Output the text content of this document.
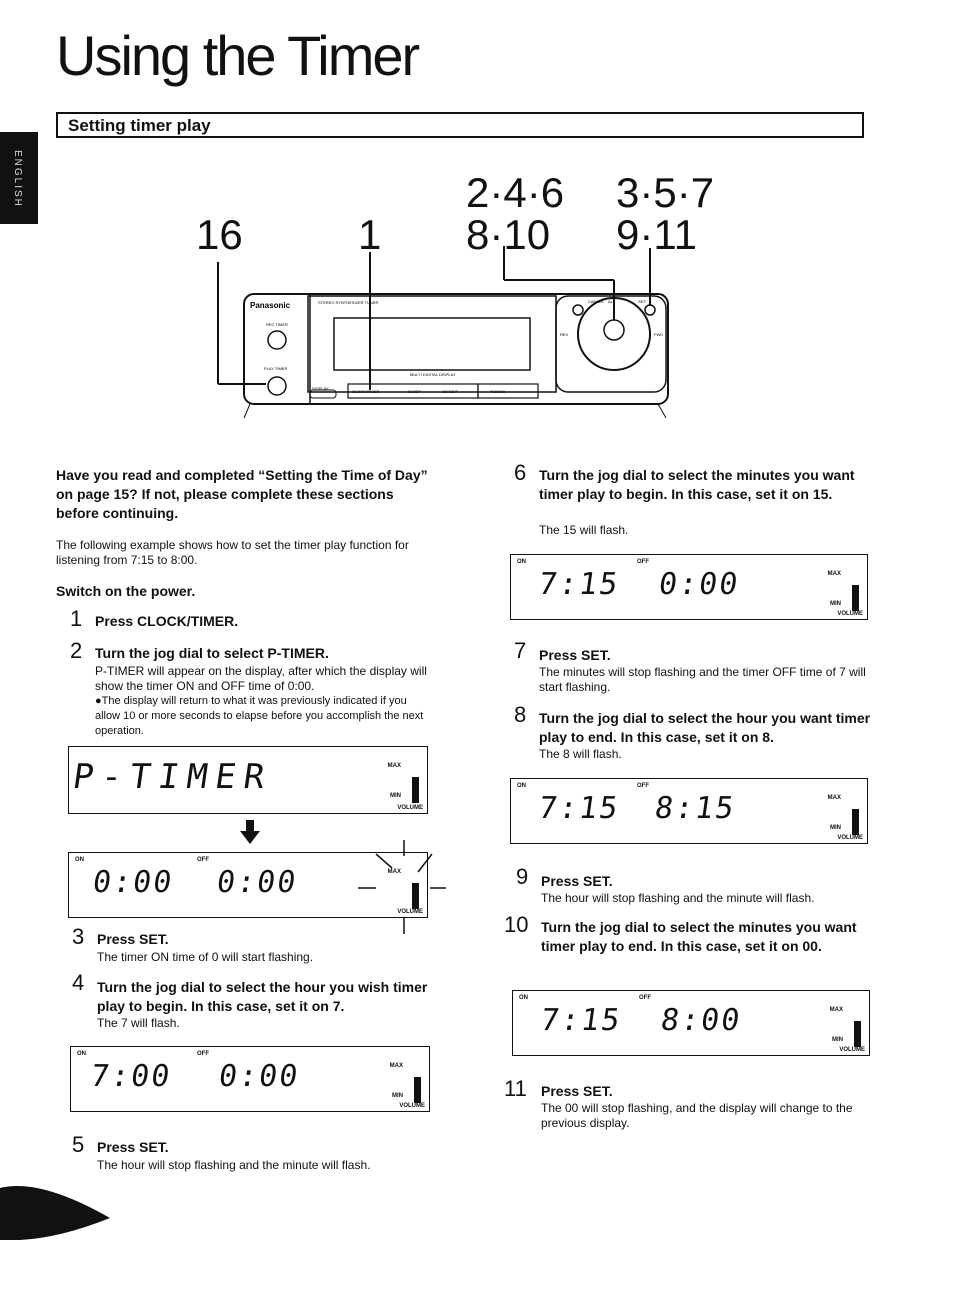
Using the Timer
Setting timer play
ENGLISH
16	1
2·4·6
8·10
3·5·7
9·11
Panasonic	STEREO SYNTHESIZER TUNER
MULTI DIGITAL DISPLAY
REC TIMER
PLAY TIMER
DISPLAY
CLOCK/TIMER	SLEEP	CD EDIT	TUNING
CANCEL ALL	SET
REV	FWD
Have you read and completed “Setting the Time of Day” on page 15? If not, please complete these sections before continuing.
The following example shows how to set the timer play function for listening from 7:15 to 8:00.
Switch on the power.
1 Press CLOCK/TIMER.
2 Turn the jog dial to select P-TIMER.
P-TIMER will appear on the display, after which the display will show the timer ON and OFF time of 0:00.
●The display will return to what it was previously indicated if you allow 10 or more seconds to elapse before you accomplish the next operation.
P-TIMER	MAX
MIN
VOLUME
ON	OFF
0:00 0:00	MAX
VOLUME
3 Press SET.
The timer ON time of 0 will start flashing.
4 Turn the jog dial to select the hour you wish timer play to begin. In this case, set it on 7.
The 7 will flash.
ON	OFF
7:00 0:00	MAX
MIN
VOLUME
5 Press SET.
The hour will stop flashing and the minute will flash.
6 Turn the jog dial to select the minutes you want timer play to begin. In this case, set it on 15.
The 15 will flash.
ON	OFF
7:15 0:00	MAX
MIN
VOLUME
7 Press SET.
The minutes will stop flashing and the timer OFF time of 7 will start flashing.
8 Turn the jog dial to select the hour you want timer play to end. In this case, set it on 8.
The 8 will flash.
ON	OFF
7:15 8:15	MAX
MIN
VOLUME
9 Press SET.
The hour will stop flashing and the minute will flash.
10 Turn the jog dial to select the minutes you want timer play to end. In this case, set it on 00.
ON	OFF
7:15 8:00	MAX
MIN
VOLUME
11 Press SET.
The 00 will stop flashing, and the display will change to the previous display.
